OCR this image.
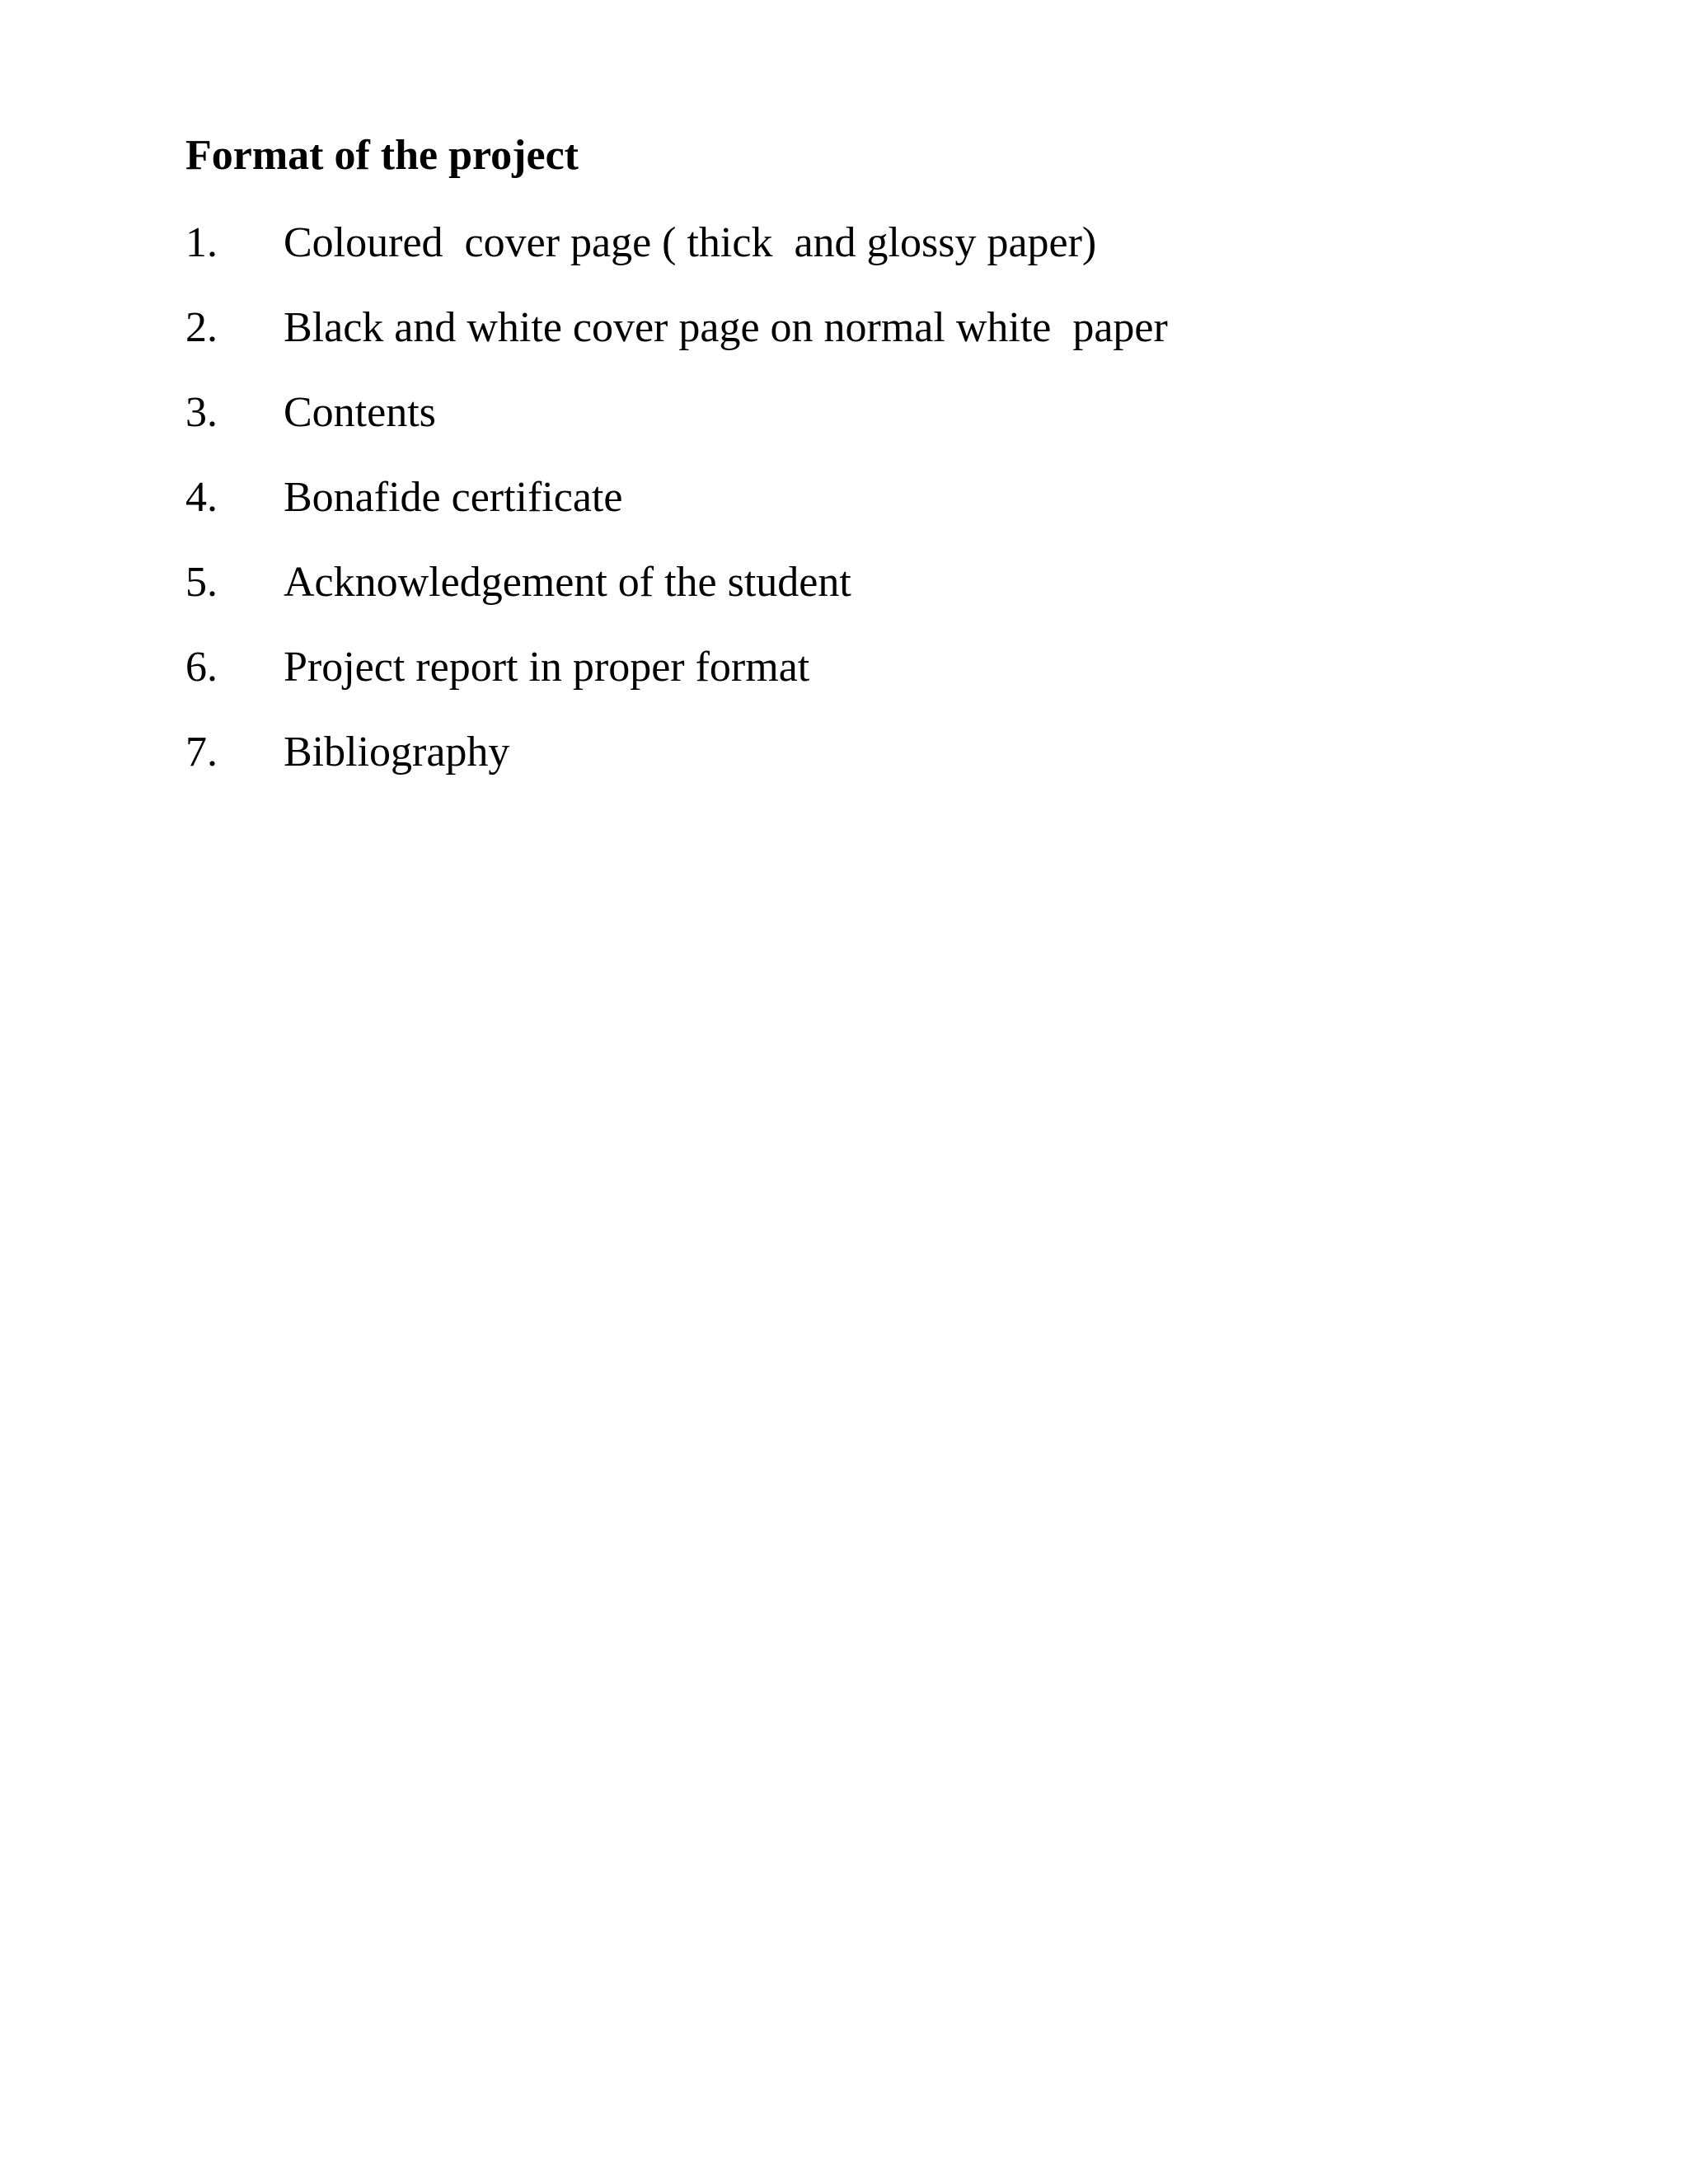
Format of the project
1.	Coloured  cover page ( thick  and glossy paper)
2.	Black and white cover page on normal white  paper
3.	Contents
4.	Bonafide certificate
5.	Acknowledgement of the student
6.	Project report in proper format
7.	Bibliography
